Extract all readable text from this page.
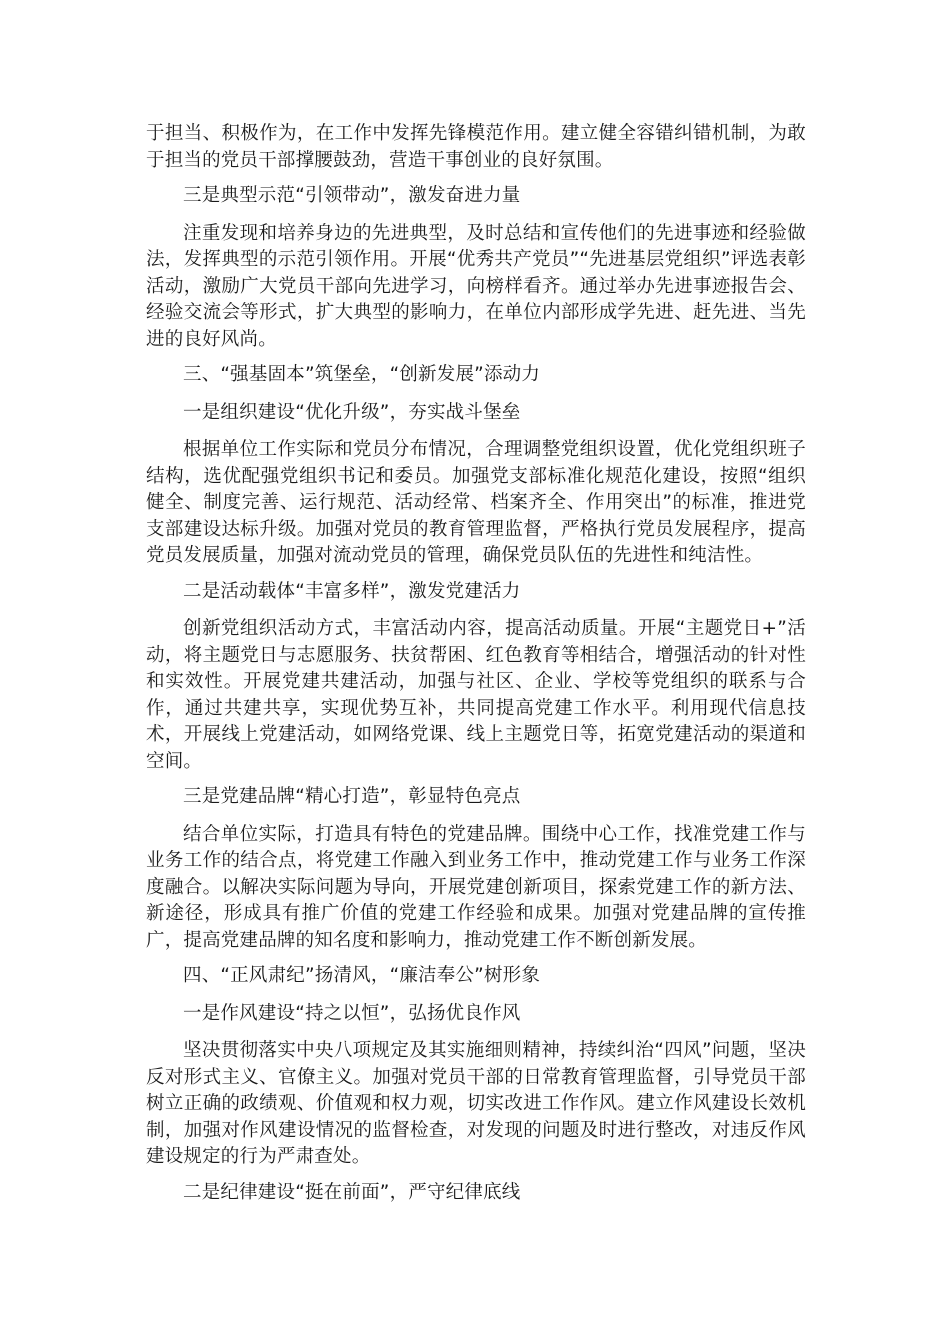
于担当、积极作为，在工作中发挥先锋模范作用。建立健全容错纠错机制，为敢于担当的党员干部撑腰鼓劲，营造干事创业的良好氛围。

三是典型示范“引领带动”，激发奋进力量

注重发现和培养身边的先进典型，及时总结和宣传他们的先进事迹和经验做法，发挥典型的示范引领作用。开展“优秀共产党员”“先进基层党组织”评选表彰活动，激励广大党员干部向先进学习，向榜样看齐。通过举办先进事迹报告会、经验交流会等形式，扩大典型的影响力，在单位内部形成学先进、赶先进、当先进的良好风尚。

三、“强基固本”筑堡垒，“创新发展”添动力

一是组织建设“优化升级”，夯实战斗堡垒

根据单位工作实际和党员分布情况，合理调整党组织设置，优化党组织班子结构，选优配强党组织书记和委员。加强党支部标准化规范化建设，按照“组织健全、制度完善、运行规范、活动经常、档案齐全、作用突出”的标准，推进党支部建设达标升级。加强对党员的教育管理监督，严格执行党员发展程序，提高党员发展质量，加强对流动党员的管理，确保党员队伍的先进性和纯洁性。

二是活动载体“丰富多样”，激发党建活力

创新党组织活动方式，丰富活动内容，提高活动质量。开展“主题党日+”活动，将主题党日与志愿服务、扶贫帮困、红色教育等相结合，增强活动的针对性和实效性。开展党建共建活动，加强与社区、企业、学校等党组织的联系与合作，通过共建共享，实现优势互补，共同提高党建工作水平。利用现代信息技术，开展线上党建活动，如网络党课、线上主题党日等，拓宽党建活动的渠道和空间。

三是党建品牌“精心打造”，彰显特色亮点

结合单位实际，打造具有特色的党建品牌。围绕中心工作，找准党建工作与业务工作的结合点，将党建工作融入到业务工作中，推动党建工作与业务工作深度融合。以解决实际问题为导向，开展党建创新项目，探索党建工作的新方法、新途径，形成具有推广价值的党建工作经验和成果。加强对党建品牌的宣传推广，提高党建品牌的知名度和影响力，推动党建工作不断创新发展。

四、“正风肃纪”扬清风，“廉洁奉公”树形象

一是作风建设“持之以恒”，弘扬优良作风

坚决贯彻落实中央八项规定及其实施细则精神，持续纠治“四风”问题，坚决反对形式主义、官僚主义。加强对党员干部的日常教育管理监督，引导党员干部树立正确的政绩观、价值观和权力观，切实改进工作作风。建立作风建设长效机制，加强对作风建设情况的监督检查，对发现的问题及时进行整改，对违反作风建设规定的行为严肃查处。

二是纪律建设“挺在前面”，严守纪律底线
